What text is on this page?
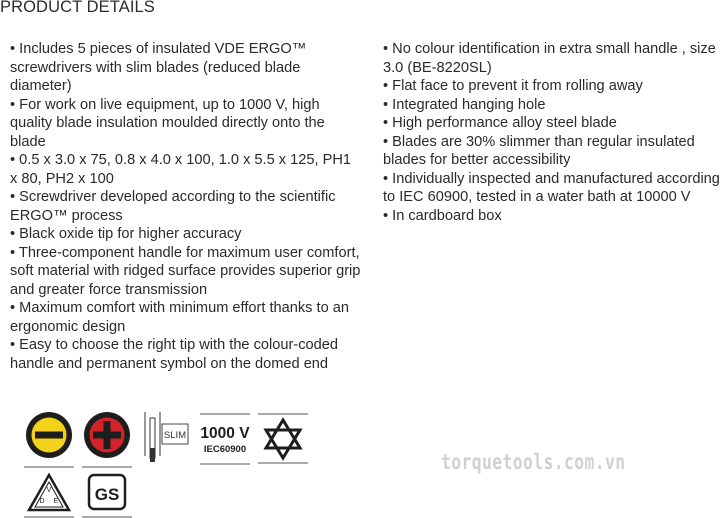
PRODUCT DETAILS

• Includes 5 pieces of insulated VDE ERGO™ screwdrivers with slim blades (reduced blade diameter)

• For work on live equipment, up to 1000 V, high quality blade insulation moulded directly onto the blade

• 0.5 x 3.0 x 75, 0.8 x 4.0 x 100, 1.0 x 5.5 x 125, PH1 x 80, PH2 x 100

• Screwdriver developed according to the scientific ERGO™ process

• Black oxide tip for higher accuracy

• Three-component handle for maximum user comfort, soft material with ridged surface provides superior grip and greater force transmission

• Maximum comfort with minimum effort thanks to an ergonomic design

• Easy to choose the right tip with the colour-coded handle and permanent symbol on the domed end

• No colour identification in extra small handle , size 3.0 (BE-8220SL)

• Flat face to prevent it from rolling away

• Integrated hanging hole

• High performance alloy steel blade

• Blades are 30% slimmer than regular insulated blades for better accessibility

• Individually inspected and manufactured according to IEC 60900, tested in a water bath at 10000 V

• In cardboard box

SLIM 1000 V
IEC60900
V
D E GS
torquetools.com.vn
